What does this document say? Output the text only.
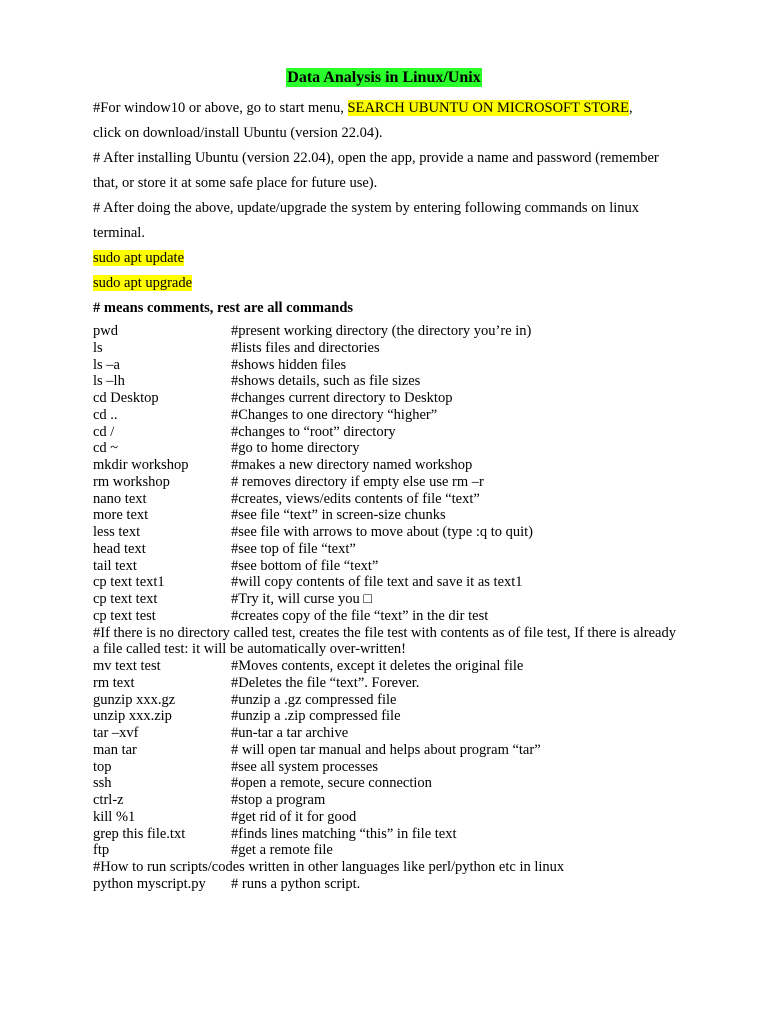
Data Analysis in Linux/Unix

#For window10 or above, go to start menu, SEARCH UBUNTU ON MICROSOFT STORE,

click on download/install Ubuntu (version 22.04).

# After installing Ubuntu (version 22.04), open the app, provide a name and password (remember that, or store it at some safe place for future use).

# After doing the above, update/upgrade the system by entering following commands on linux terminal.

sudo apt update

sudo apt upgrade

# means comments, rest are all commands

pwd	#present working directory (the directory you’re in)
ls	#lists files and directories
ls –a	#shows hidden files
ls –lh	#shows details, such as file sizes
cd Desktop	#changes current directory to Desktop
cd ..	#Changes to one directory “higher”
cd /	#changes to “root” directory
cd ~	#go to home directory
mkdir workshop	#makes a new directory named workshop
rm workshop	# removes directory if empty else use rm –r
nano text	#creates, views/edits contents of file “text”
more text	#see file “text” in screen-size chunks
less text	#see file with arrows to move about (type :q to quit)
head text	#see top of file “text”
tail text	#see bottom of file “text”
cp text text1	#will copy contents of file text and save it as text1
cp text text	#Try it, will curse you □
cp text test	#creates copy of the file “text” in the dir test
#If there is no directory called test, creates the file test with contents as of file test, If there is already a file called test: it will be automatically over-written!
mv text test	#Moves contents, except it deletes the original file
rm text	#Deletes the file “text”. Forever.
gunzip xxx.gz	#unzip a .gz compressed file
unzip xxx.zip	#unzip a .zip compressed file
tar –xvf	#un-tar a tar archive
man tar	# will open tar manual and helps about program “tar”
top	#see all system processes
ssh	#open a remote, secure connection
ctrl-z	#stop a program
kill %1	#get rid of it for good
grep this file.txt	#finds lines matching “this” in file text
ftp	#get a remote file
#How to run scripts/codes written in other languages like perl/python etc in linux
python myscript.py	# runs a python script.
